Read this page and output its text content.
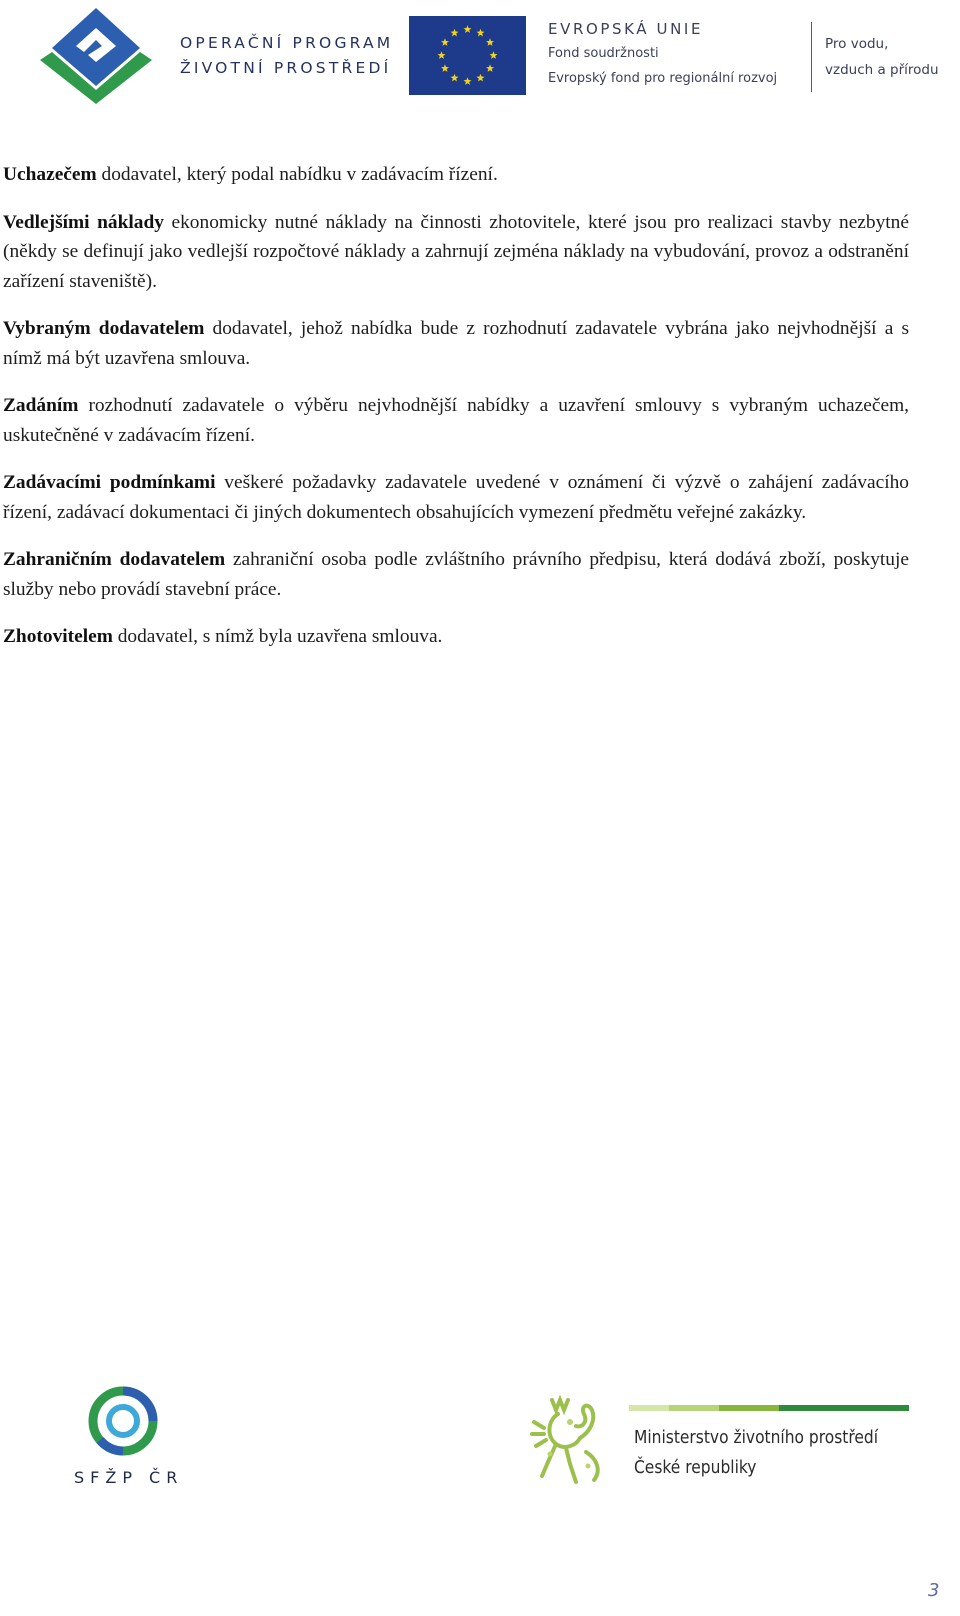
OPERAČNÍ PROGRAM
ŽIVOTNÍ PROSTŘEDÍ
EVROPSKÁ UNIE
Fond soudržnosti
Evropský fond pro regionální rozvoj
Pro vodu,
vzduch a přírodu

Uchazečem dodavatel, který podal nabídku v zadávacím řízení.

Vedlejšími náklady ekonomicky nutné náklady na činnosti zhotovitele, které jsou pro realizaci stavby nezbytné (někdy se definují jako vedlejší rozpočtové náklady a zahrnují zejména náklady na vybudování, provoz a odstranění zařízení staveniště).

Vybraným dodavatelem dodavatel, jehož nabídka bude z rozhodnutí zadavatele vybrána jako nejvhodnější a s nímž má být uzavřena smlouva.

Zadáním rozhodnutí zadavatele o výběru nejvhodnější nabídky a uzavření smlouvy s vybraným uchazečem, uskutečněné v zadávacím řízení.

Zadávacími podmínkami veškeré požadavky zadavatele uvedené v oznámení či výzvě o zahájení zadávacího řízení, zadávací dokumentaci či jiných dokumentech obsahujících vymezení předmětu veřejné zakázky.

Zahraničním dodavatelem zahraniční osoba podle zvláštního právního předpisu, která dodává zboží, poskytuje služby nebo provádí stavební práce.

Zhotovitelem dodavatel, s nímž byla uzavřena smlouva.

SFŽP ČR
Ministerstvo životního prostředí
České republiky
3
